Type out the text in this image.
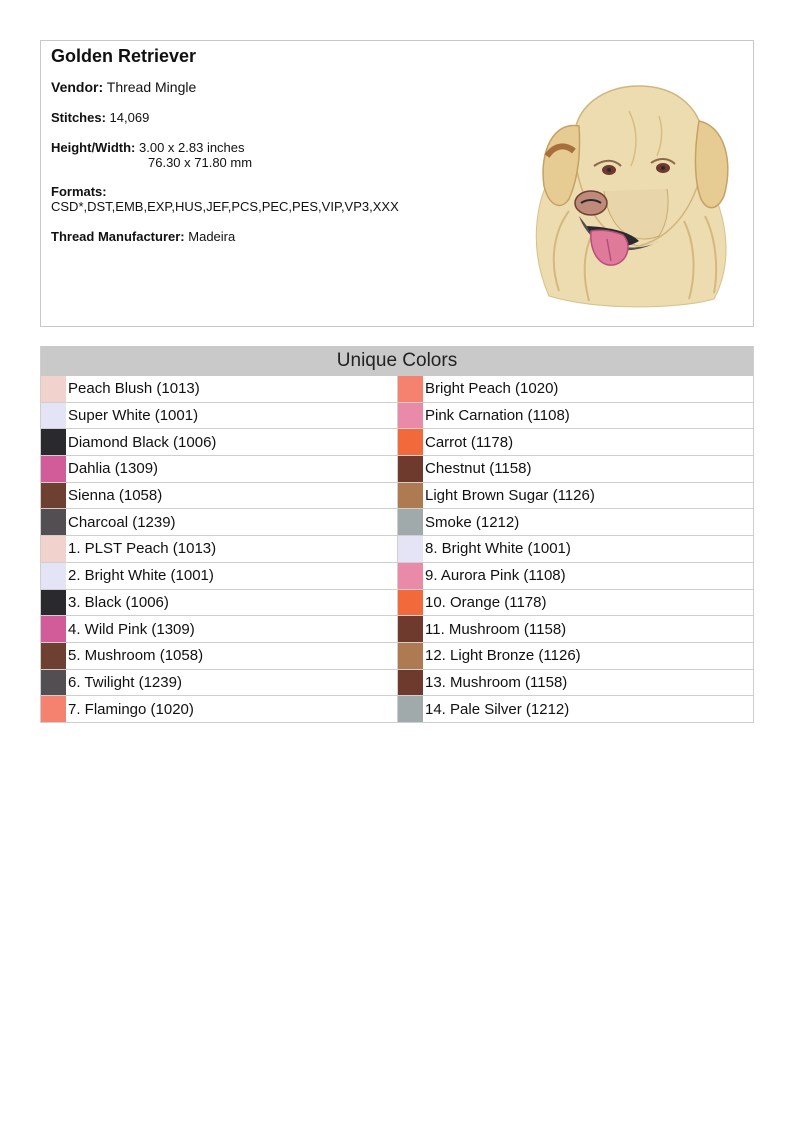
Golden Retriever
Vendor: Thread Mingle
Stitches: 14,069
Height/Width: 3.00 x 2.83 inches
76.30 x 71.80 mm
Formats:
CSD*,DST,EMB,EXP,HUS,JEF,PCS,PEC,PES,VIP,VP3,XXX
Thread Manufacturer: Madeira
Unique Colors
Peach Blush (1013)
Super White (1001)
Diamond Black (1006)
Dahlia (1309)
Sienna (1058)
Charcoal (1239)
1. PLST Peach (1013)
2. Bright White (1001)
3. Black (1006)
4. Wild Pink (1309)
5. Mushroom (1058)
6. Twilight (1239)
7. Flamingo (1020)
Bright Peach (1020)
Pink Carnation (1108)
Carrot (1178)
Chestnut (1158)
Light Brown Sugar (1126)
Smoke (1212)
8. Bright White (1001)
9. Aurora Pink (1108)
10. Orange (1178)
11. Mushroom (1158)
12. Light Bronze (1126)
13. Mushroom (1158)
14. Pale Silver (1212)
